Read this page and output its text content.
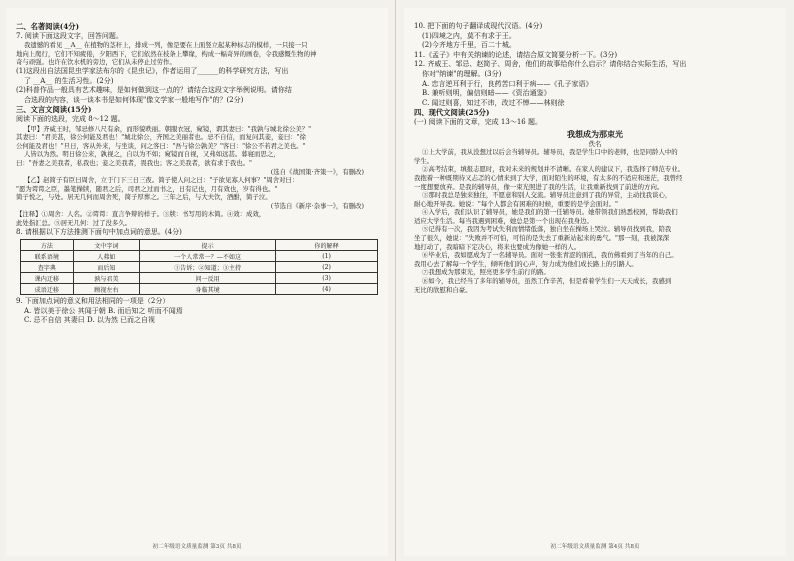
二、名著阅读(4分)
7. 阅读下面这段文字，回答问题。
我遗憾的看见 __A__ 在植物的茎秆上，排成一列，像是要在上面竖立起某种标志的模样，一只接一只
地向上爬行，它们不知疲倦，夕阳西下，它们依然在枝条上攀缘，构成一幅奇异的画卷，令我感慨生物的神
奇与顽强。也许在饮水机的旁边，它们从未停止过劳作。
(1)这段出自法国昆虫学家法布尔的《昆虫记》，作者运用了______的科学研究方法，写出
了 __A__ 的生活习性。(2分)
(2)科普作品一般具有艺术趣味，是如何做到这一点的？请结合这段文字举例说明。请你结
合选段的内容，谈一谈本书是如何体现"像文学家一般地写作"的？(2分)
三、文言文阅读(15分)
阅读下面的选段，完成 8～12 题。
【甲】齐威王时，邹忌修八尺有余，而形貌昳丽。朝服衣冠，窥镜，谓其妻曰："我孰与城北徐公美？"
其妻曰："君美甚，徐公何能及君也！"城北徐公，齐国之美丽者也。忌不自信，而复问其妾，妾曰："徐
公何能及君也！"旦日，客从外来，与坐谈，问之客曰："吾与徐公孰美？"客曰："徐公不若君之美也。"
人皆以为然。明日徐公来，孰视之，自以为不如；窥镜而自视，又弗如远甚。暮寝而思之，
曰："吾妻之美我者，私我也；妾之美我者，畏我也；客之美我者，欲有求于我也。"
(选自《战国策·齐策一》，有删改)
【乙】赵简子有臣曰周舍，立于门下三日三夜。简子使人问之曰："子欲见寡人何事？"周舍对曰：
"愿为谔谔之臣，墨笔操牍，随君之后，司君之过而书之，日有记也，月有效也，岁有得也。"
简子悦之，与处。居无几何而周舍死，简子厚葬之。三年之后，与大夫饮，酒酣，简子泣。
(节选自《新序·杂事一》，有删改)
【注释】①周舍：人名。②谔谔：直言争辩的样子。③牍：书写用的木简。④效：成效，
此处指汇总。⑤居无几何：过了没多久。
8. 请根据以下方法推测下面句中加点词的意思。(4分)
方法	文中字词	提示	你的解释
联系语境	人弗如	一个人常常一？—不如这	(1)
查字典	而后知	①告诉；②知道；③主持	(2)
课内迁移	孰与君美	问一反用	(3)
成语迁移	顾视左右	身临其境	(4)
9. 下面加点词的意义和用法相同的一项是（2分）
A. 皆以美于徐公 其闻于朝 B. 而后知之 听而不闻焉
C. 忌不自信 其妻曰 D. 以为然 已而之自视
初二年级语文质量监测 第3页 共8页
10. 把下面的句子翻译成现代汉语。(4分)
(1)四境之内，莫不有求于王。
(2)今齐地方千里，百二十城。
11.《孟子》中有关纳谏的论述，请结合原文简要分析一下。(3分)
12. 齐威王、邹忌、赵简子、周舍，他们的故事给你什么启示？请你结合实际生活，写出
你对"纳谏"的理解。(3分)
A. 忠言逆耳利于行，良药苦口利于病——《孔子家语》
B. 兼听则明，偏信则暗——《资治通鉴》
C. 闻过则喜，知过不讳，改过不惮——林则徐
四、现代文阅读(25分)
(一) 阅读下面的文章，完成 13～16 题。
我想成为那束光
佚名
①上大学前，我从没想过以后会当辅导员。辅导员，我是学生口中的老师，也是同龄人中的
学生。
②高考结束，填报志愿时，我对未来的规划并不清晰。在家人的建议下，我选择了师范专业。
我抱着一种既期待又忐忑的心情来到了大学，面对陌生的环境，有太多的不适应和迷茫，我曾经
一度想要放弃。是我的辅导员，像一束光照进了我的生活，让我重新找到了前进的方向。
③那时我总是独来独往，不愿意和别人交流。辅导员注意到了我的异常，主动找我谈心，
耐心地开导我。她说："每个人都会有困难的时候，重要的是学会面对。"
④入学后，我们认识了辅导员，她是我们的第一任辅导员。她带领我们熟悉校园，帮助我们
适应大学生活。每当我遇到困难，她总是第一个出现在我身边。
⑤记得有一次，我因为考试失利而情绪低落，独自坐在操场上哭泣。辅导员找到我，陪我
坐了很久，她说："失败并不可怕，可怕的是失去了重新站起来的勇气。"那一刻，我被深深
地打动了，我暗暗下定决心，将来也要成为像她一样的人。
⑥毕业后，我如愿成为了一名辅导员。面对一张张青涩的面孔，我仿佛看到了当年的自己。
我用心去了解每一个学生，倾听他们的心声，努力成为他们成长路上的引路人。
⑦我想成为那束光，照亮更多学生前行的路。
⑧如今，我已经当了多年的辅导员，虽然工作辛苦，但是看着学生们一天天成长，我感到
无比的欣慰和自豪。
初二年级语文质量监测 第4页 共8页
